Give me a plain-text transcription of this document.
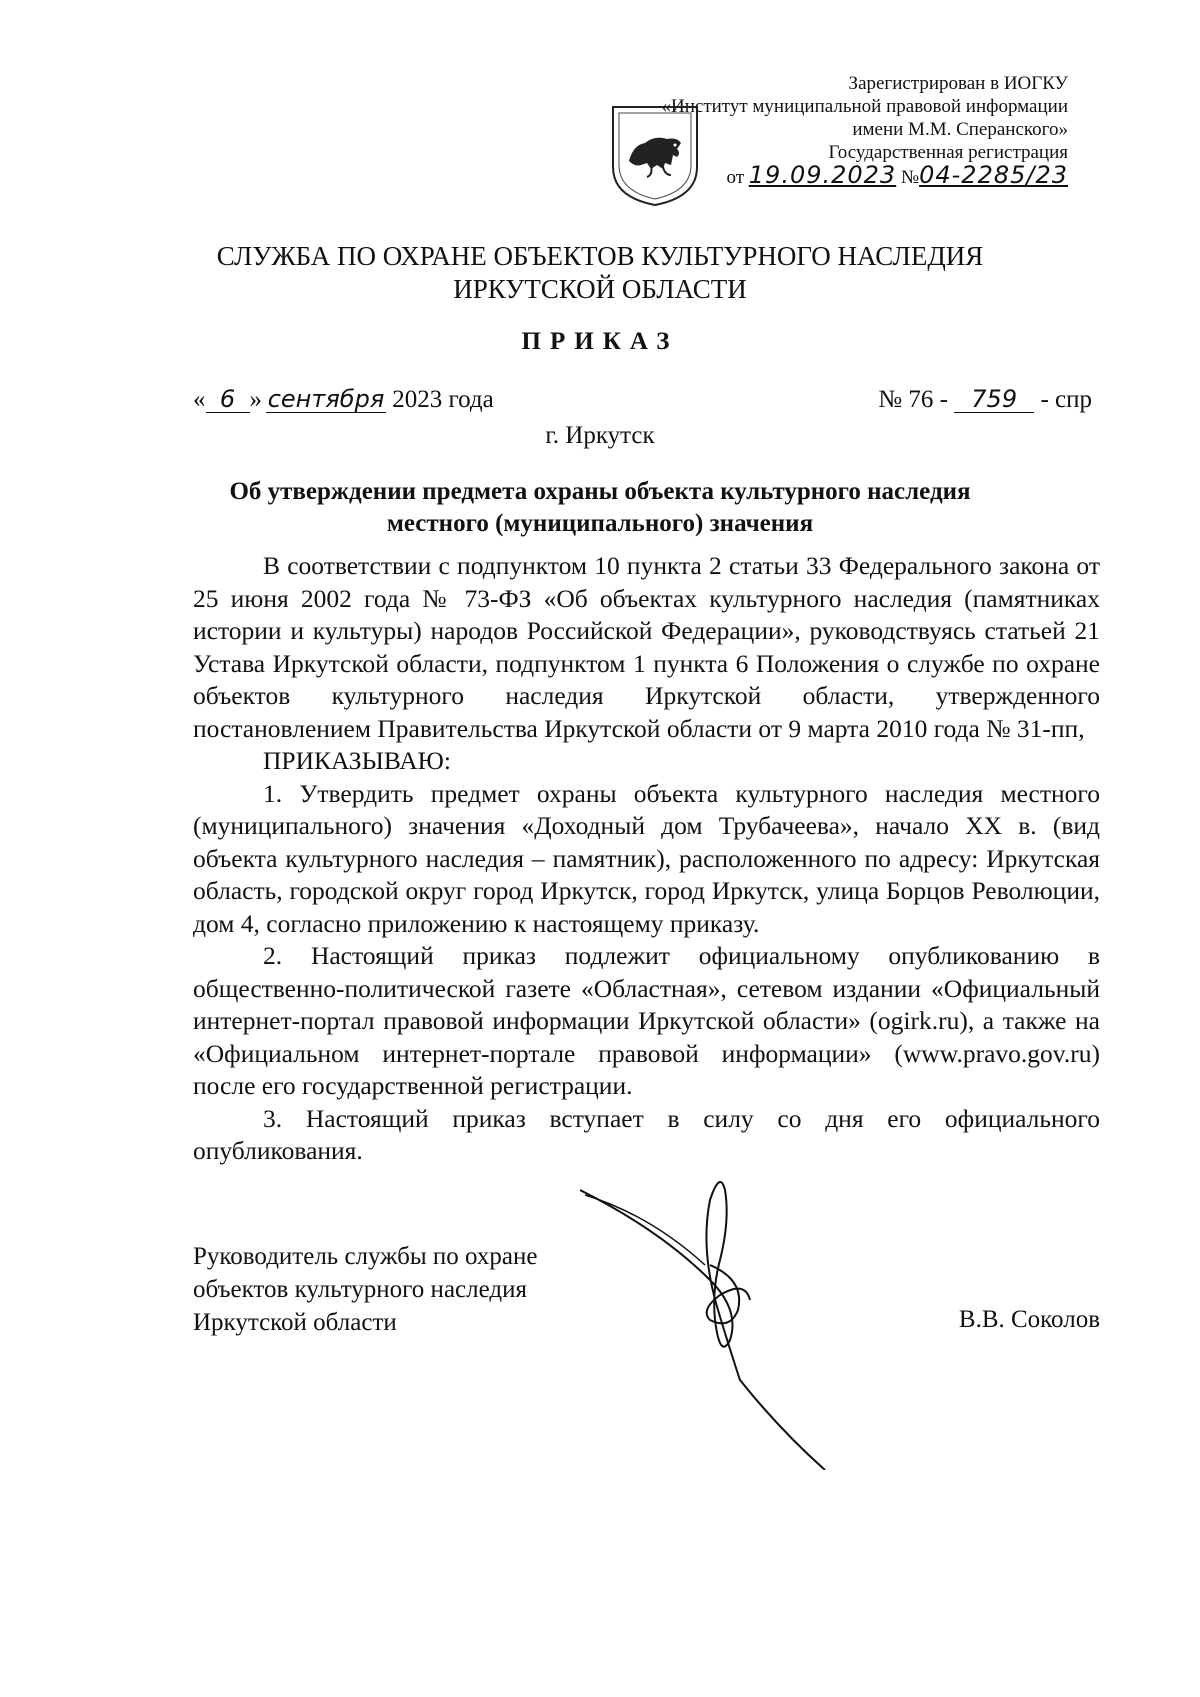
Зарегистрирован в ИОГКУ
«Институт муниципальной правовой информации
имени М.М. Сперанского»
Государственная регистрация
от 19.09.2023 №04-2285/23
СЛУЖБА ПО ОХРАНЕ ОБЪЕКТОВ КУЛЬТУРНОГО НАСЛЕДИЯ
ИРКУТСКОЙ ОБЛАСТИ
ПРИКАЗ
« 6 » сентября 2023 года	№ 76 - 759 - спр
г. Иркутск
Об утверждении предмета охраны объекта культурного наследия
местного (муниципального) значения

В соответствии с подпунктом 10 пункта 2 статьи 33 Федерального закона от 25 июня 2002 года № 73-ФЗ «Об объектах культурного наследия (памятниках истории и культуры) народов Российской Федерации», руководствуясь статьей 21 Устава Иркутской области, подпунктом 1 пункта 6 Положения о службе по охране объектов культурного наследия Иркутской области, утвержденного постановлением Правительства Иркутской области от 9 марта 2010 года № 31-пп,

ПРИКАЗЫВАЮ:

1. Утвердить предмет охраны объекта культурного наследия местного (муниципального) значения «Доходный дом Трубачеева», начало XX в. (вид объекта культурного наследия – памятник), расположенного по адресу: Иркутская область, городской округ город Иркутск, город Иркутск, улица Борцов Революции, дом 4, согласно приложению к настоящему приказу.

2. Настоящий приказ подлежит официальному опубликованию в общественно-политической газете «Областная», сетевом издании «Официальный интернет-портал правовой информации Иркутской области» (ogirk.ru), а также на «Официальном интернет-портале правовой информации» (www.pravo.gov.ru) после его государственной регистрации.

3. Настоящий приказ вступает в силу со дня его официального опубликования.

Руководитель службы по охране
объектов культурного наследия
Иркутской области	В.В. Соколов
